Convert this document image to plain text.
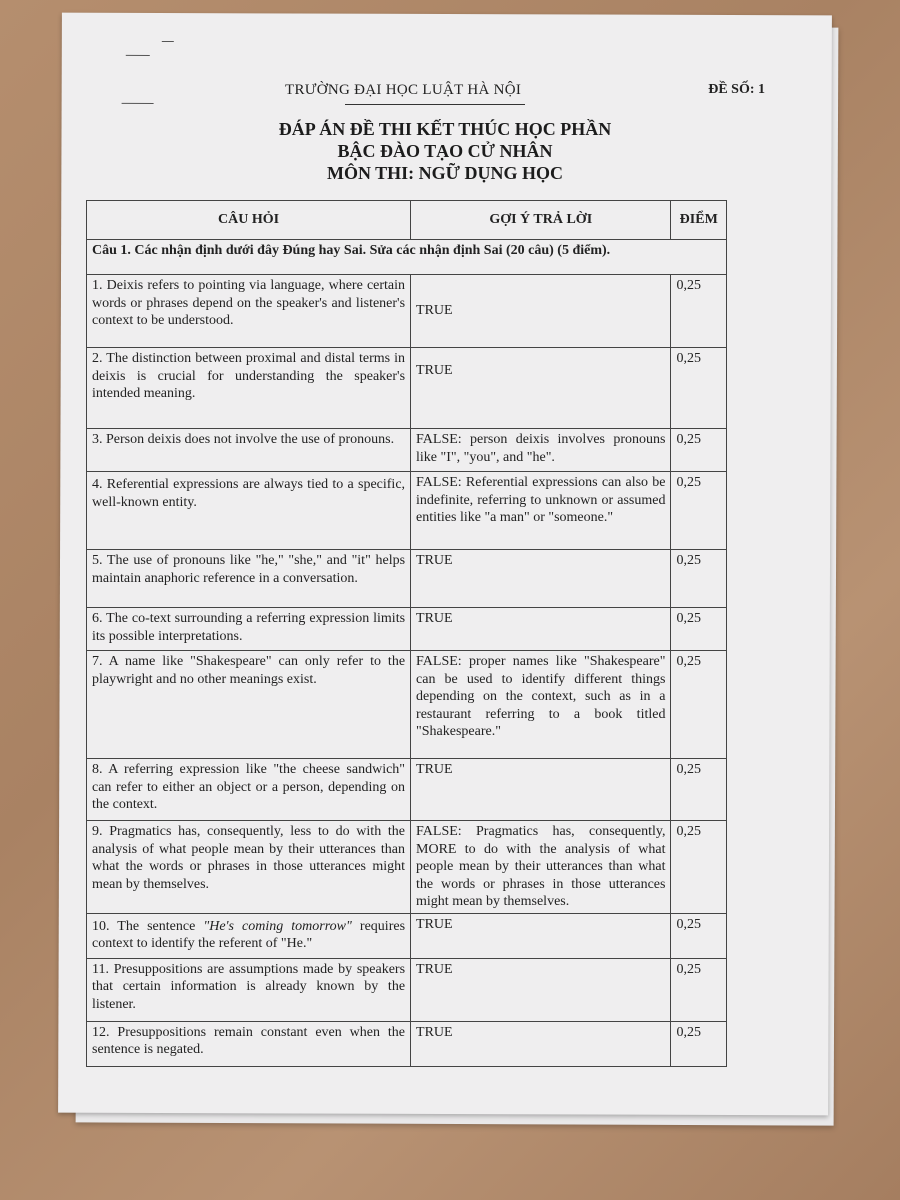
TRƯỜNG ĐẠI HỌC LUẬT HÀ NỘI	ĐỀ SỐ: 1
ĐÁP ÁN ĐỀ THI KẾT THÚC HỌC PHẦN
BẬC ĐÀO TẠO CỬ NHÂN
MÔN THI: NGỮ DỤNG HỌC
CÂU HỎI	GỢI Ý TRẢ LỜI	ĐIỂM
Câu 1. Các nhận định dưới đây Đúng hay Sai. Sửa các nhận định Sai (20 câu) (5 điểm).		
1. Deixis refers to pointing via language, where certain words or phrases depend on the speaker's and listener's context to be understood.	TRUE	0,25
2. The distinction between proximal and distal terms in deixis is crucial for understanding the speaker's intended meaning.	TRUE	0,25
3. Person deixis does not involve the use of pronouns.	FALSE: person deixis involves pronouns like "I", "you", and "he".	0,25
4. Referential expressions are always tied to a specific, well-known entity.	FALSE: Referential expressions can also be indefinite, referring to unknown or assumed entities like "a man" or "someone."	0,25
5. The use of pronouns like "he," "she," and "it" helps maintain anaphoric reference in a conversation.	TRUE	0,25
6. The co-text surrounding a referring expression limits its possible interpretations.	TRUE	0,25
7. A name like "Shakespeare" can only refer to the playwright and no other meanings exist.	FALSE: proper names like "Shakespeare" can be used to identify different things depending on the context, such as in a restaurant referring to a book titled "Shakespeare."	0,25
8. A referring expression like "the cheese sandwich" can refer to either an object or a person, depending on the context.	TRUE	0,25
9. Pragmatics has, consequently, less to do with the analysis of what people mean by their utterances than what the words or phrases in those utterances might mean by themselves.	FALSE: Pragmatics has, consequently, MORE to do with the analysis of what people mean by their utterances than what the words or phrases in those utterances might mean by themselves.	0,25
10. The sentence "He's coming tomorrow" requires context to identify the referent of "He."	TRUE	0,25
11. Presuppositions are assumptions made by speakers that certain information is already known by the listener.	TRUE	0,25
12. Presuppositions remain constant even when the sentence is negated.	TRUE	0,25
